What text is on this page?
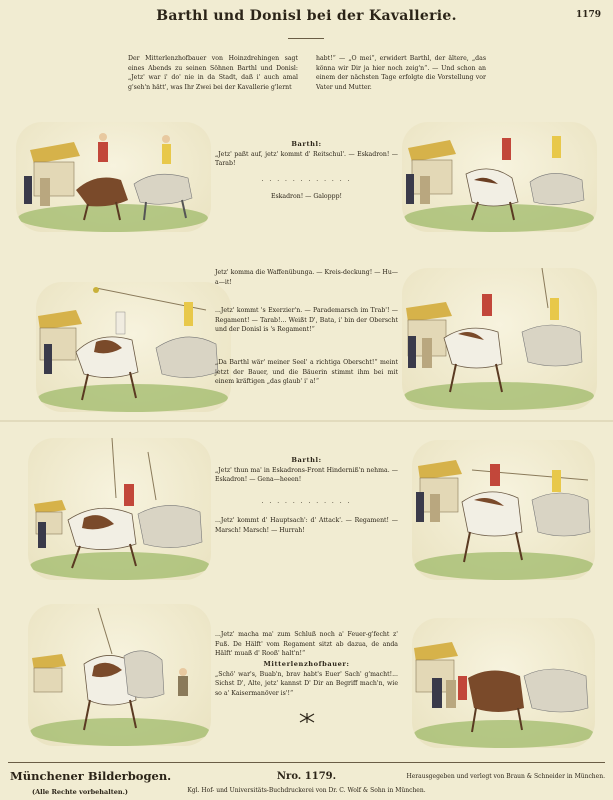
Barthl und Donisl bei der Kavallerie.	1179
Der Mitterlenzhofbauer von Hoinzdrehingen sagt eines Abends zu seinen Söhnen Barthl und Donisl: „Jetz' war i' do' nie in da Stadt, daß i' auch amal g'seh'n hätt', was Ihr Zwei bei der Kavallerie g'lernt
habt!“ — „O mei“, erwidert Barthl, der ältere, „das könna wir Dir ja hier noch zeig'n“. — Und schon an einem der nächsten Tage erfolgte die Vorstellung vor Vater und Mutter.
Barthl:
„Jetz' paßt auf, jetz' kommt d' Reitschul'. — Eskadron! — Tarab!
· · · · · · · · · · · ·
Eskadron! — Galoppp!
Jetz' komma die Waffenübunga. — Kreis-deckung! — Hu—a—it!
...Jetz' kommt 's Exerzier'n. — Parademarsch im Trab'! — Regament! — Tarab!... Weißt D', Bata, i' bin der Oberscht und der Donisl is 's Regament!“
„Da Barthl wär' meiner Seel' a richtiga Oberscht!“ meint jetzt der Bauer, und die Bäuerin stimmt ihm bei mit einem kräftigen „das glaub' i' a!“
Barthl:
„Jetz' thun ma' in Eskadrons-Front Hinderniß'n nehma. — Eskadron! — Gena—heeen!
· · · · · · · · · · · ·
...Jetz' kommt d' Hauptsach': d' Attack'. — Regament! — Marsch! Marsch! — Hurrah!
...Jetz' macha ma' zum Schluß noch a' Feuer-g'fecht z' Fuß. De Hälft' vom Regament sitzt ab dazua, de anda Hälft' muaß d' Rooß' halt'n!“
Mitterlenzhofbauer:
„Schö' war's, Buab'n, brav habt's Euer' Sach' g'macht!... Sichst D', Alte, jetz' kannst D' Dir an Begriff mach'n, wie so a' Kaisermanöver is'!“
Münchener Bilderbogen.
(Alle Rechte vorbehalten.)
Nro. 1179.
Kgl. Hof- und Universitäts-Buchdruckerei von Dr. C. Wolf & Sohn in München.
Herausgegeben und verlegt von Braun & Schneider in München.
